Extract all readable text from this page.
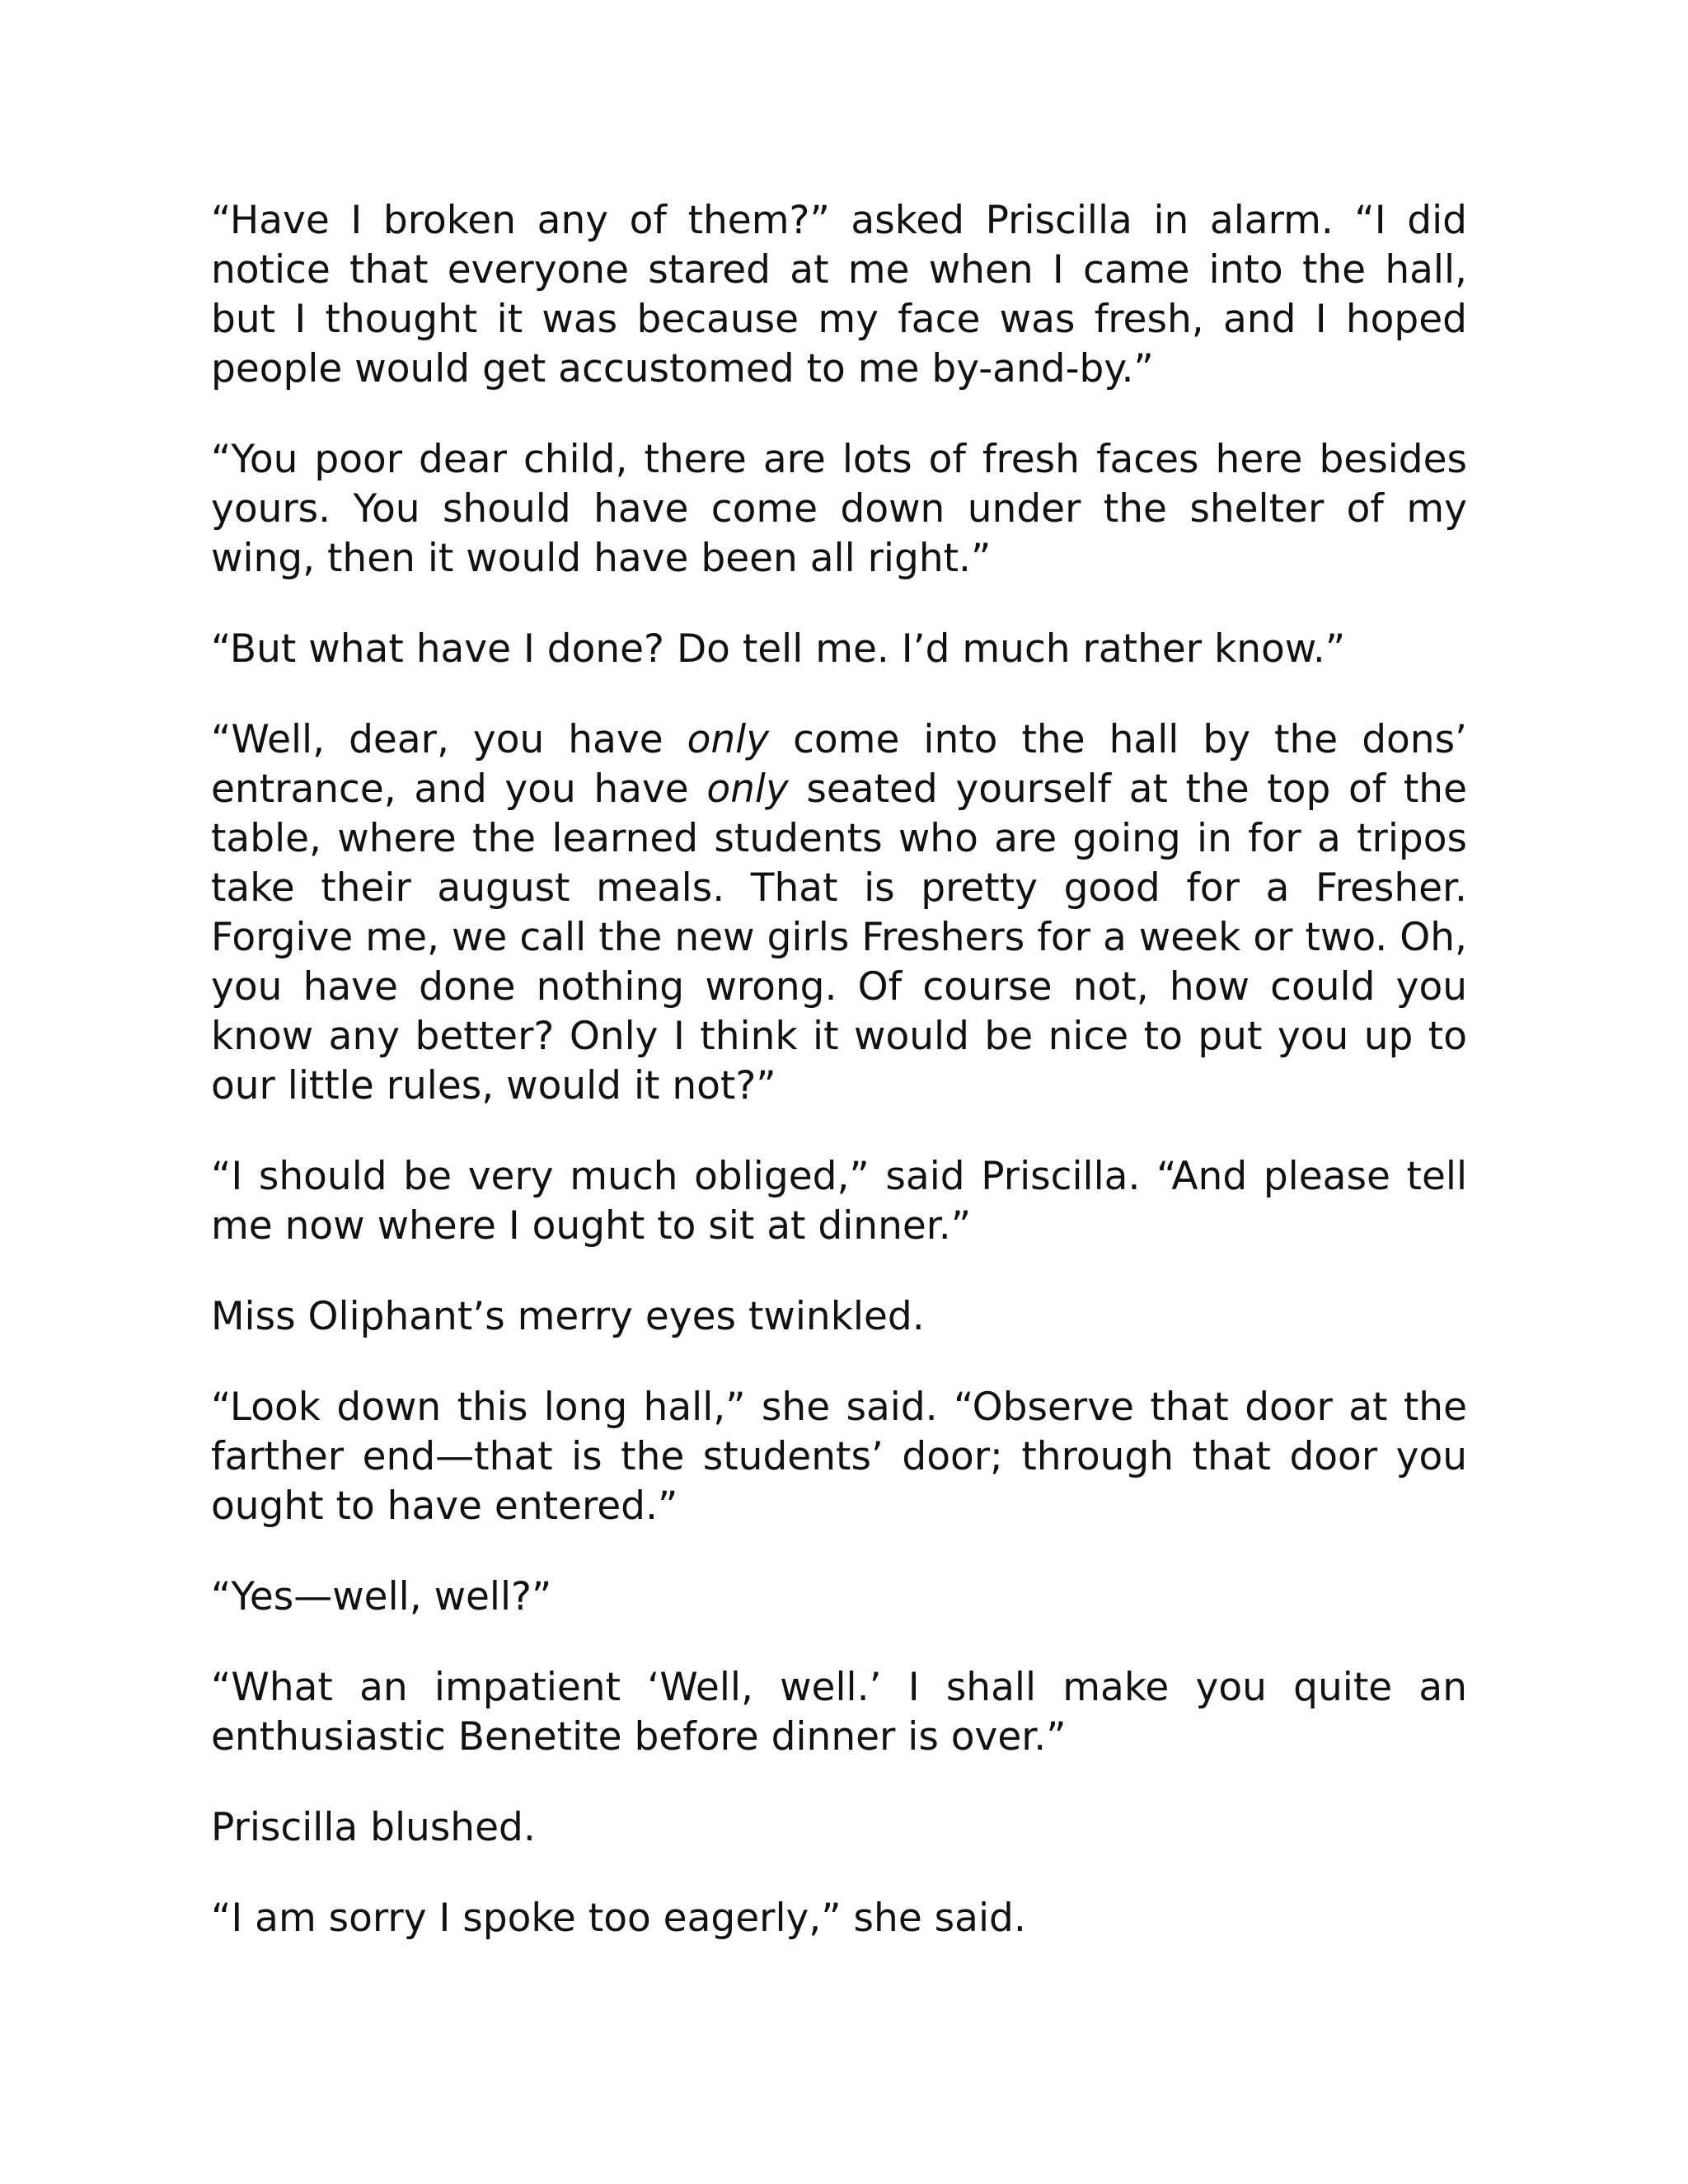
“Have I broken any of them?” asked Priscilla in alarm. “I did notice that everyone stared at me when I came into the hall, but I thought it was because my face was fresh, and I hoped people would get accustomed to me by-and-by.”

“You poor dear child, there are lots of fresh faces here besides yours. You should have come down under the shelter of my wing, then it would have been all right.”

“But what have I done? Do tell me. I’d much rather know.”

“Well, dear, you have only come into the hall by the dons’ entrance, and you have only seated yourself at the top of the table, where the learned students who are going in for a tripos take their august meals. That is pretty good for a Fresher. Forgive me, we call the new girls Freshers for a week or two. Oh, you have done nothing wrong. Of course not, how could you know any better? Only I think it would be nice to put you up to our little rules, would it not?”

“I should be very much obliged,” said Priscilla. “And please tell me now where I ought to sit at dinner.”

Miss Oliphant’s merry eyes twinkled.

“Look down this long hall,” she said. “Observe that door at the farther end—that is the students’ door; through that door you ought to have entered.”

“Yes—well, well?”

“What an impatient ‘Well, well.’ I shall make you quite an enthusiastic Benetite before dinner is over.”

Priscilla blushed.

“I am sorry I spoke too eagerly,” she said.
